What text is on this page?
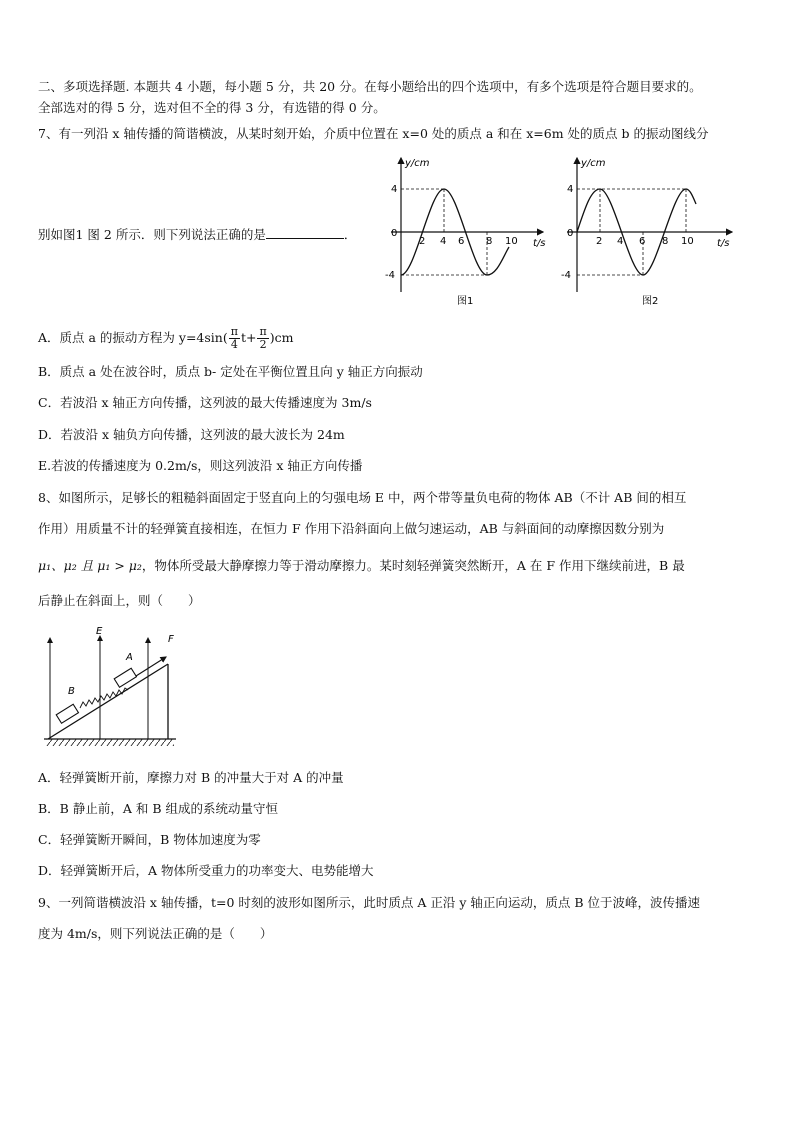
二、多项选择题. 本题共 4 小题，每小题 5 分，共 20 分。在每小题给出的四个选项中，有多个选项是符合题目要求的。
全部选对的得 5 分，选对但不全的得 3 分，有选错的得 0 分。
7、有一列沿 x 轴传播的简谐横波，从某时刻开始，介质中位置在 x=0 处的质点 a 和在 x=6m 处的质点 b 的振动图线分
别如图1 图 2 所示．则下列说法正确的是	．
y/cm
t/s
0
4
-4
2 4 6 8 10
图1
y/cm
t/s
0
4
-4
2 4 6 8 10
图2
A．质点 a 的振动方程为 $y=4\sin( \frac{\pi}{4} t+ \frac{\pi}{2} )cm$
B．质点 a 处在波谷时，质点 b- 定处在平衡位置且向 y 轴正方向振动
C．若波沿 x 轴正方向传播，这列波的最大传播速度为 3m/s
D．若波沿 x 轴负方向传播，这列波的最大波长为 24m
E.若波的传播速度为 0.2m/s，则这列波沿 x 轴正方向传播
8、如图所示，足够长的粗糙斜面固定于竖直向上的匀强电场 E 中，两个带等量负电荷的物体 AB（不计 AB 间的相互
作用）用质量不计的轻弹簧直接相连，在恒力 F 作用下沿斜面向上做匀速运动，AB 与斜面间的动摩擦因数分别为
μ₁、μ₂ 且 μ₁ > μ₂，物体所受最大静摩擦力等于滑动摩擦力。某时刻轻弹簧突然断开，A 在 F 作用下继续前进，B 最
后静止在斜面上，则（　　）
E
F
A
B
A．轻弹簧断开前，摩擦力对 B 的冲量大于对 A 的冲量
B．B 静止前，A 和 B 组成的系统动量守恒
C．轻弹簧断开瞬间，B 物体加速度为零
D．轻弹簧断开后，A 物体所受重力的功率变大、电势能增大
9、一列简谐横波沿 x 轴传播，t=0 时刻的波形如图所示，此时质点 A 正沿 y 轴正向运动，质点 B 位于波峰，波传播速
度为 4m/s，则下列说法正确的是（　　）
